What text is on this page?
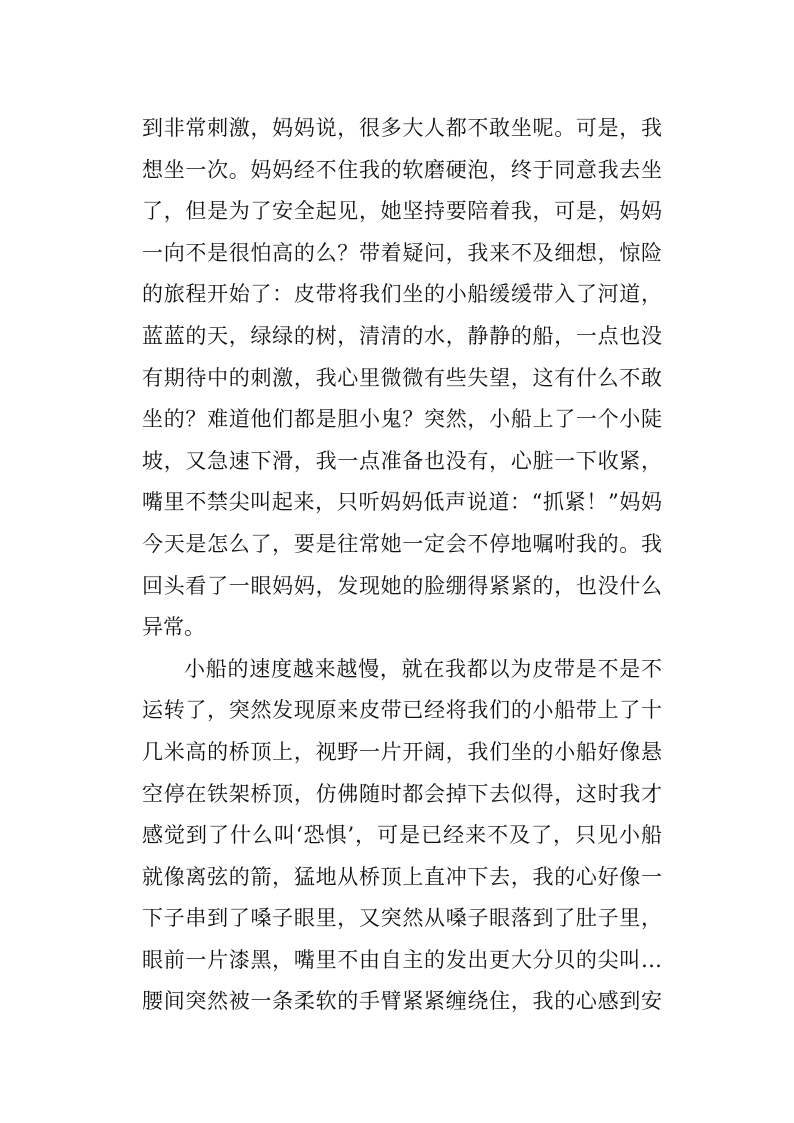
到非常刺激，妈妈说，很多大人都不敢坐呢。可是，我
想坐一次。妈妈经不住我的软磨硬泡，终于同意我去坐
了，但是为了安全起见，她坚持要陪着我，可是，妈妈
一向不是很怕高的么？带着疑问，我来不及细想，惊险
的旅程开始了：皮带将我们坐的小船缓缓带入了河道，
蓝蓝的天，绿绿的树，清清的水，静静的船，一点也没
有期待中的刺激，我心里微微有些失望，这有什么不敢
坐的？难道他们都是胆小鬼？突然，小船上了一个小陡
坡，又急速下滑，我一点准备也没有，心脏一下收紧，
嘴里不禁尖叫起来，只听妈妈低声说道：“抓紧！”妈妈
今天是怎么了，要是往常她一定会不停地嘱咐我的。我
回头看了一眼妈妈，发现她的脸绷得紧紧的，也没什么
异常。
小船的速度越来越慢，就在我都以为皮带是不是不
运转了，突然发现原来皮带已经将我们的小船带上了十
几米高的桥顶上，视野一片开阔，我们坐的小船好像悬
空停在铁架桥顶，仿佛随时都会掉下去似得，这时我才
感觉到了什么叫‘恐惧’，可是已经来不及了，只见小船
就像离弦的箭，猛地从桥顶上直冲下去，我的心好像一
下子串到了嗓子眼里，又突然从嗓子眼落到了肚子里，
眼前一片漆黑，嘴里不由自主的发出更大分贝的尖叫…
腰间突然被一条柔软的手臂紧紧缠绕住，我的心感到安
